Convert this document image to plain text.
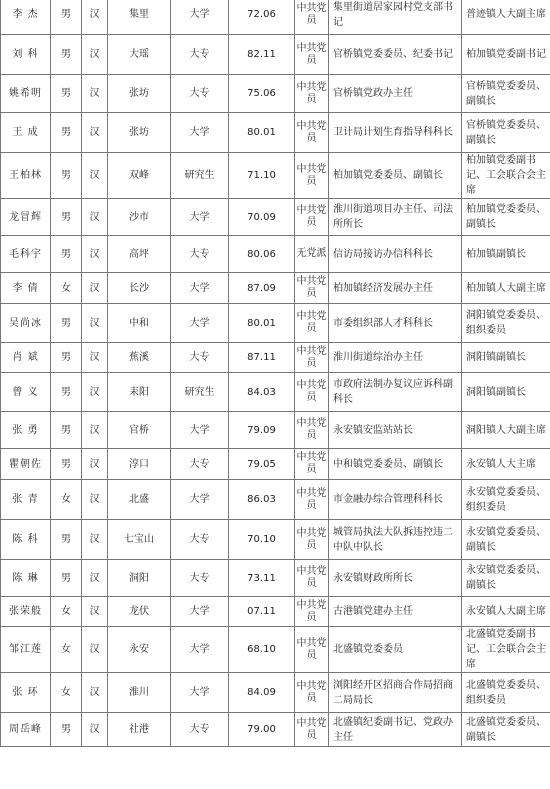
李 杰	男	汉	集里	大学	72.06	中共党员	集里街道居家园村党支部书记	普迹镇人大副主席
刘 科	男	汉	大瑶	大专	82.11	中共党员	官桥镇党委委员、纪委书记	柏加镇党委副书记
姚希明	男	汉	张坊	大专	75.06	中共党员	官桥镇党政办主任	官桥镇党委委员、副镇长
王 成	男	汉	张坊	大学	80.01	中共党员	卫计局计划生育指导科科长	官桥镇党委委员、副镇长
王柏林	男	汉	双峰	研究生	71.10	中共党员	柏加镇党委委员、副镇长	柏加镇党委副书记、工会联合会主席
龙冒辉	男	汉	沙市	大学	70.09	中共党员	淮川街道项目办主任、司法所所长	柏加镇党委委员、副镇长
毛科宇	男	汉	高坪	大专	80.06	无党派	信访局接访办信科科长	柏加镇副镇长
李 倩	女	汉	长沙	大学	87.09	中共党员	柏加镇经济发展办主任	柏加镇人大副主席
吴尚冰	男	汉	中和	大学	80.01	中共党员	市委组织部人才科科长	洞阳镇党委委员、组织委员
肖 斌	男	汉	蕉溪	大专	87.11	中共党员	淮川街道综治办主任	洞阳镇副镇长
曾 义	男	汉	耒阳	研究生	84.03	中共党员	市政府法制办复议应诉科副科长	洞阳镇副镇长
张 勇	男	汉	官桥	大学	79.09	中共党员	永安镇安监站站长	洞阳镇人大副主席
瞿朝佐	男	汉	淳口	大专	79.05	中共党员	中和镇党委委员、副镇长	永安镇人大主席
张 青	女	汉	北盛	大学	86.03	中共党员	市金融办综合管理科科长	永安镇党委委员、组织委员
陈 科	男	汉	七宝山	大专	70.10	中共党员	城管局执法大队拆违控违二中队中队长	永安镇党委委员、副镇长
陈 琳	男	汉	洞阳	大专	73.11	中共党员	永安镇财政所所长	永安镇党委委员、副镇长
张荣般	女	汉	龙伏	大学	07.11	中共党员	古港镇党建办主任	永安镇人大副主席
邹江莲	女	汉	永安	大学	68.10	中共党员	北盛镇党委委员	北盛镇党委副书记、工会联合会主席
张 环	女	汉	淮川	大学	84.09	中共党员	浏阳经开区招商合作局招商二局局长	北盛镇党委委员、组织委员
周岳峰	男	汉	社港	大专	79.00	中共党员	北盛镇纪委副书记、党政办主任	北盛镇党委委员、副镇长
